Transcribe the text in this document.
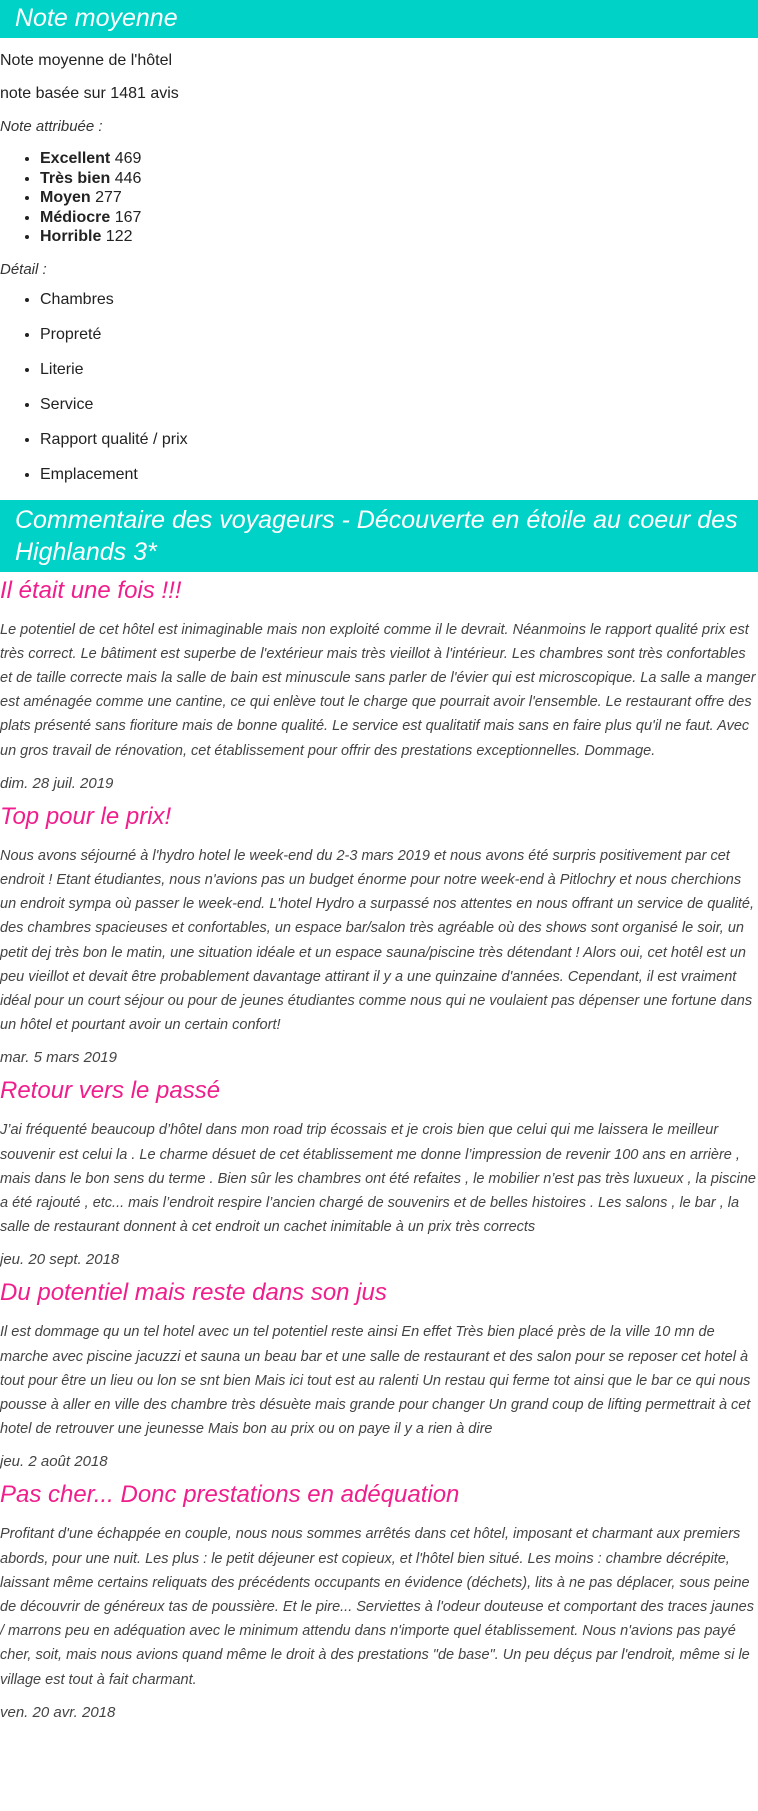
Note moyenne

Note moyenne de l'hôtel

note basée sur 1481 avis

Note attribuée :

• Excellent 469
• Très bien 446
• Moyen 277
• Médiocre 167
• Horrible 122

Détail :

• Chambres
• Propreté
• Literie
• Service
• Rapport qualité / prix
• Emplacement
Commentaire des voyageurs - Découverte en étoile au coeur des Highlands 3*
Il était une fois !!!

Le potentiel de cet hôtel est inimaginable mais non exploité comme il le devrait. Néanmoins le rapport qualité prix est très correct. Le bâtiment est superbe de l'extérieur mais très vieillot à l'intérieur. Les chambres sont très confortables et de taille correcte mais la salle de bain est minuscule sans parler de l'évier qui est microscopique. La salle a manger est aménagée comme une cantine, ce qui enlève tout le charge que pourrait avoir l'ensemble. Le restaurant offre des plats présenté sans fioriture mais de bonne qualité. Le service est qualitatif mais sans en faire plus qu'il ne faut. Avec un gros travail de rénovation, cet établissement pour offrir des prestations exceptionnelles. Dommage.

dim. 28 juil. 2019

Top pour le prix!

Nous avons séjourné à l'hydro hotel le week-end du 2-3 mars 2019 et nous avons été surpris positivement par cet endroit ! Etant étudiantes, nous n'avions pas un budget énorme pour notre week-end à Pitlochry et nous cherchions un endroit sympa où passer le week-end. L'hotel Hydro a surpassé nos attentes en nous offrant un service de qualité, des chambres spacieuses et confortables, un espace bar/salon très agréable où des shows sont organisé le soir, un petit dej très bon le matin, une situation idéale et un espace sauna/piscine très détendant ! Alors oui, cet hotêl est un peu vieillot et devait être probablement davantage attirant il y a une quinzaine d'années. Cependant, il est vraiment idéal pour un court séjour ou pour de jeunes étudiantes comme nous qui ne voulaient pas dépenser une fortune dans un hôtel et pourtant avoir un certain confort!

mar. 5 mars 2019

Retour vers le passé

J’ai fréquenté beaucoup d’hôtel dans mon road trip écossais et je crois bien que celui qui me laissera le meilleur souvenir est celui la . Le charme désuet de cet établissement me donne l’impression de revenir 100 ans en arrière , mais dans le bon sens du terme . Bien sûr les chambres ont été refaites , le mobilier n’est pas très luxueux , la piscine a été rajouté , etc... mais l’endroit respire l’ancien chargé de souvenirs et de belles histoires . Les salons , le bar , la salle de restaurant donnent à cet endroit un cachet inimitable à un prix très corrects

jeu. 20 sept. 2018

Du potentiel mais reste dans son jus

Il est dommage qu un tel hotel avec un tel potentiel reste ainsi En effet Très bien placé près de la ville 10 mn de marche avec piscine jacuzzi et sauna un beau bar et une salle de restaurant et des salon pour se reposer cet hotel à tout pour être un lieu ou lon se snt bien Mais ici tout est au ralenti Un restau qui ferme tot ainsi que le bar ce qui nous pousse à aller en ville des chambre très désuète mais grande pour changer Un grand coup de lifting permettrait à cet hotel de retrouver une jeunesse Mais bon au prix ou on paye il y a rien à dire

jeu. 2 août 2018

Pas cher... Donc prestations en adéquation

Profitant d'une échappée en couple, nous nous sommes arrêtés dans cet hôtel, imposant et charmant aux premiers abords, pour une nuit. Les plus : le petit déjeuner est copieux, et l'hôtel bien situé. Les moins : chambre décrépite, laissant même certains reliquats des précédents occupants en évidence (déchets), lits à ne pas déplacer, sous peine de découvrir de généreux tas de poussière. Et le pire... Serviettes à l'odeur douteuse et comportant des traces jaunes / marrons peu en adéquation avec le minimum attendu dans n'importe quel établissement. Nous n'avions pas payé cher, soit, mais nous avions quand même le droit à des prestations "de base". Un peu déçus par l'endroit, même si le village est tout à fait charmant.

ven. 20 avr. 2018
